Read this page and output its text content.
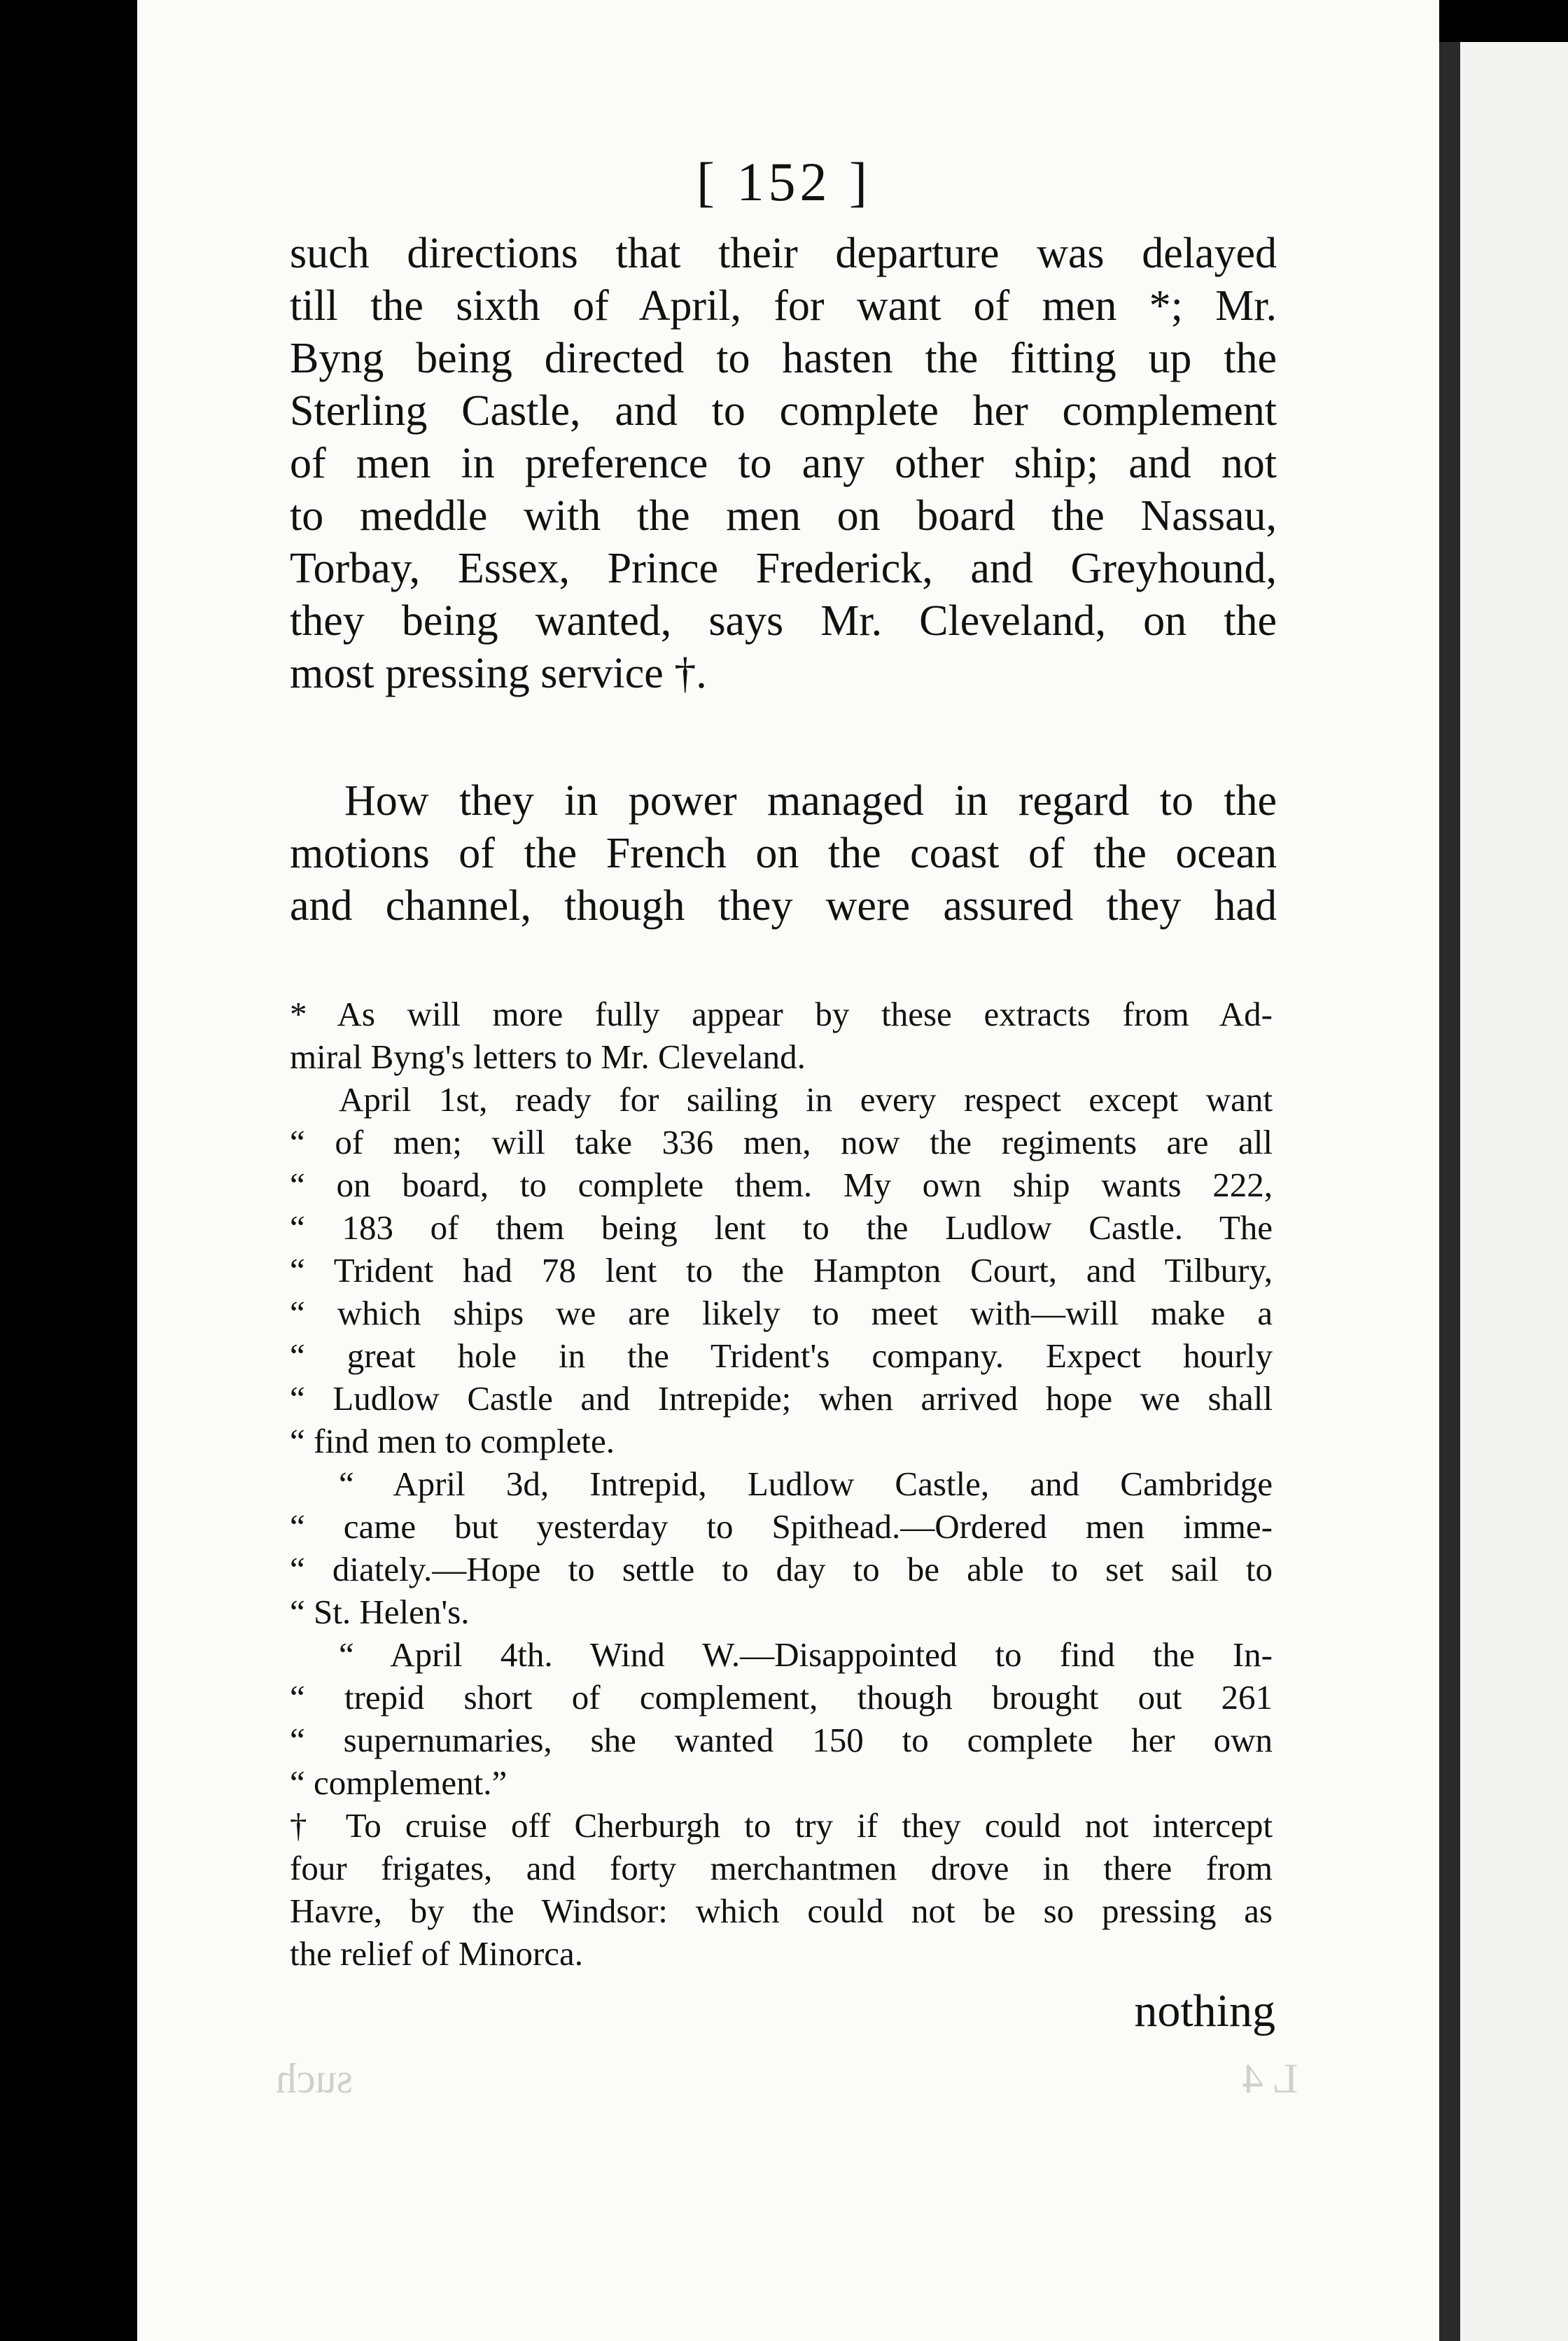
[ 152 ]
such directions that their departure was delayed
till the sixth of April, for want of men *; Mr.
Byng being directed to hasten the fitting up the
Sterling Castle, and to complete her complement
of men in preference to any other ship; and not
to meddle with the men on board the Nassau,
Torbay, Essex, Prince Frederick, and Greyhound,
they being wanted, says Mr. Cleveland, on the
most pressing service †.
How they in power managed in regard to the
motions of the French on the coast of the ocean
and channel, though they were assured they had
* As will more fully appear by these extracts from Ad-
miral Byng's letters to Mr. Cleveland.
April 1st, ready for sailing in every respect except want
“ of men; will take 336 men, now the regiments are all
“ on board, to complete them. My own ship wants 222,
“ 183 of them being lent to the Ludlow Castle. The
“ Trident had 78 lent to the Hampton Court, and Tilbury,
“ which ships we are likely to meet with—will make a
“ great hole in the Trident's company. Expect hourly
“ Ludlow Castle and Intrepide; when arrived hope we shall
“ find men to complete.
“ April 3d, Intrepid, Ludlow Castle, and Cambridge
“ came but yesterday to Spithead.—Ordered men imme-
“ diately.—Hope to settle to day to be able to set sail to
“ St. Helen's.
“ April 4th. Wind W.—Disappointed to find the In-
“ trepid short of complement, though brought out 261
“ supernumaries, she wanted 150 to complete her own
“ complement.”
† To cruise off Cherburgh to try if they could not intercept
four frigates, and forty merchantmen drove in there from
Havre, by the Windsor: which could not be so pressing as
the relief of Minorca.
nothing
L 4
such
